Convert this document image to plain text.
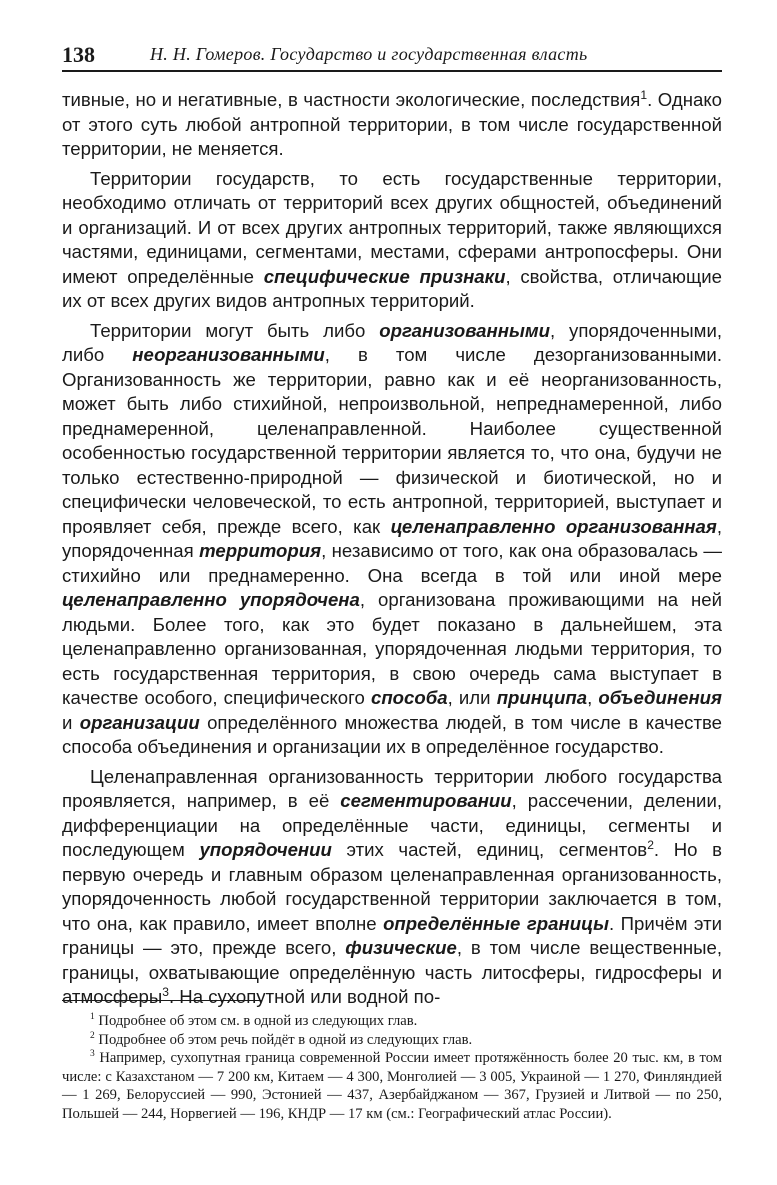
138	Н. Н. Гомеров. Государство и государственная власть

тивные, но и негативные, в частности экологические, последствия$^1$. Однако от этого суть любой антропной территории, в том числе государственной территории, не меняется.

Территории государств, то есть государственные территории, необходимо отличать от территорий всех других общностей, объединений и организаций. И от всех других антропных территорий, также являющихся частями, единицами, сегментами, местами, сферами антропосферы. Они имеют определённые специфические признаки, свойства, отличающие их от всех других видов антропных территорий.

Территории могут быть либо организованными, упорядоченными, либо неорганизованными, в том числе дезорганизованными. Организованность же территории, равно как и её неорганизованность, может быть либо стихийной, непроизвольной, непреднамеренной, либо преднамеренной, целенаправленной. Наиболее существенной особенностью государственной территории является то, что она, будучи не только естественно-природной — физической и биотической, но и специфически человеческой, то есть антропной, территорией, выступает и проявляет себя, прежде всего, как целенаправленно организованная, упорядоченная территория, независимо от того, как она образовалась — стихийно или преднамеренно. Она всегда в той или иной мере целенаправленно упорядочена, организована проживающими на ней людьми. Более того, как это будет показано в дальнейшем, эта целенаправленно организованная, упорядоченная людьми территория, то есть государственная территория, в свою очередь сама выступает в качестве особого, специфического способа, или принципа, объединения и организации определённого множества людей, в том числе в качестве способа объединения и организации их в определённое государство.

Целенаправленная организованность территории любого государства проявляется, например, в её сегментировании, рассечении, делении, дифференциации на определённые части, единицы, сегменты и последующем упорядочении этих частей, единиц, сегментов$^2$. Но в первую очередь и главным образом целенаправленная организованность, упорядоченность любой государственной территории заключается в том, что она, как правило, имеет вполне определённые границы. Причём эти границы — это, прежде всего, физические, в том числе вещественные, границы, охватывающие определённую часть литосферы, гидросферы и атмосферы$^3$. На сухопутной или водной по-

$^1$ Подробнее об этом см. в одной из следующих глав.

$^2$ Подробнее об этом речь пойдёт в одной из следующих глав.

$^3$ Например, сухопутная граница современной России имеет протяжённость более 20 тыс. км, в том числе: с Казахстаном — 7 200 км, Китаем — 4 300, Монголией — 3 005, Украиной — 1 270, Финляндией — 1 269, Белоруссией — 990, Эстонией — 437, Азербайджаном — 367, Грузией и Литвой — по 250, Польшей — 244, Норвегией — 196, КНДР — 17 км (см.: Географический атлас России).
